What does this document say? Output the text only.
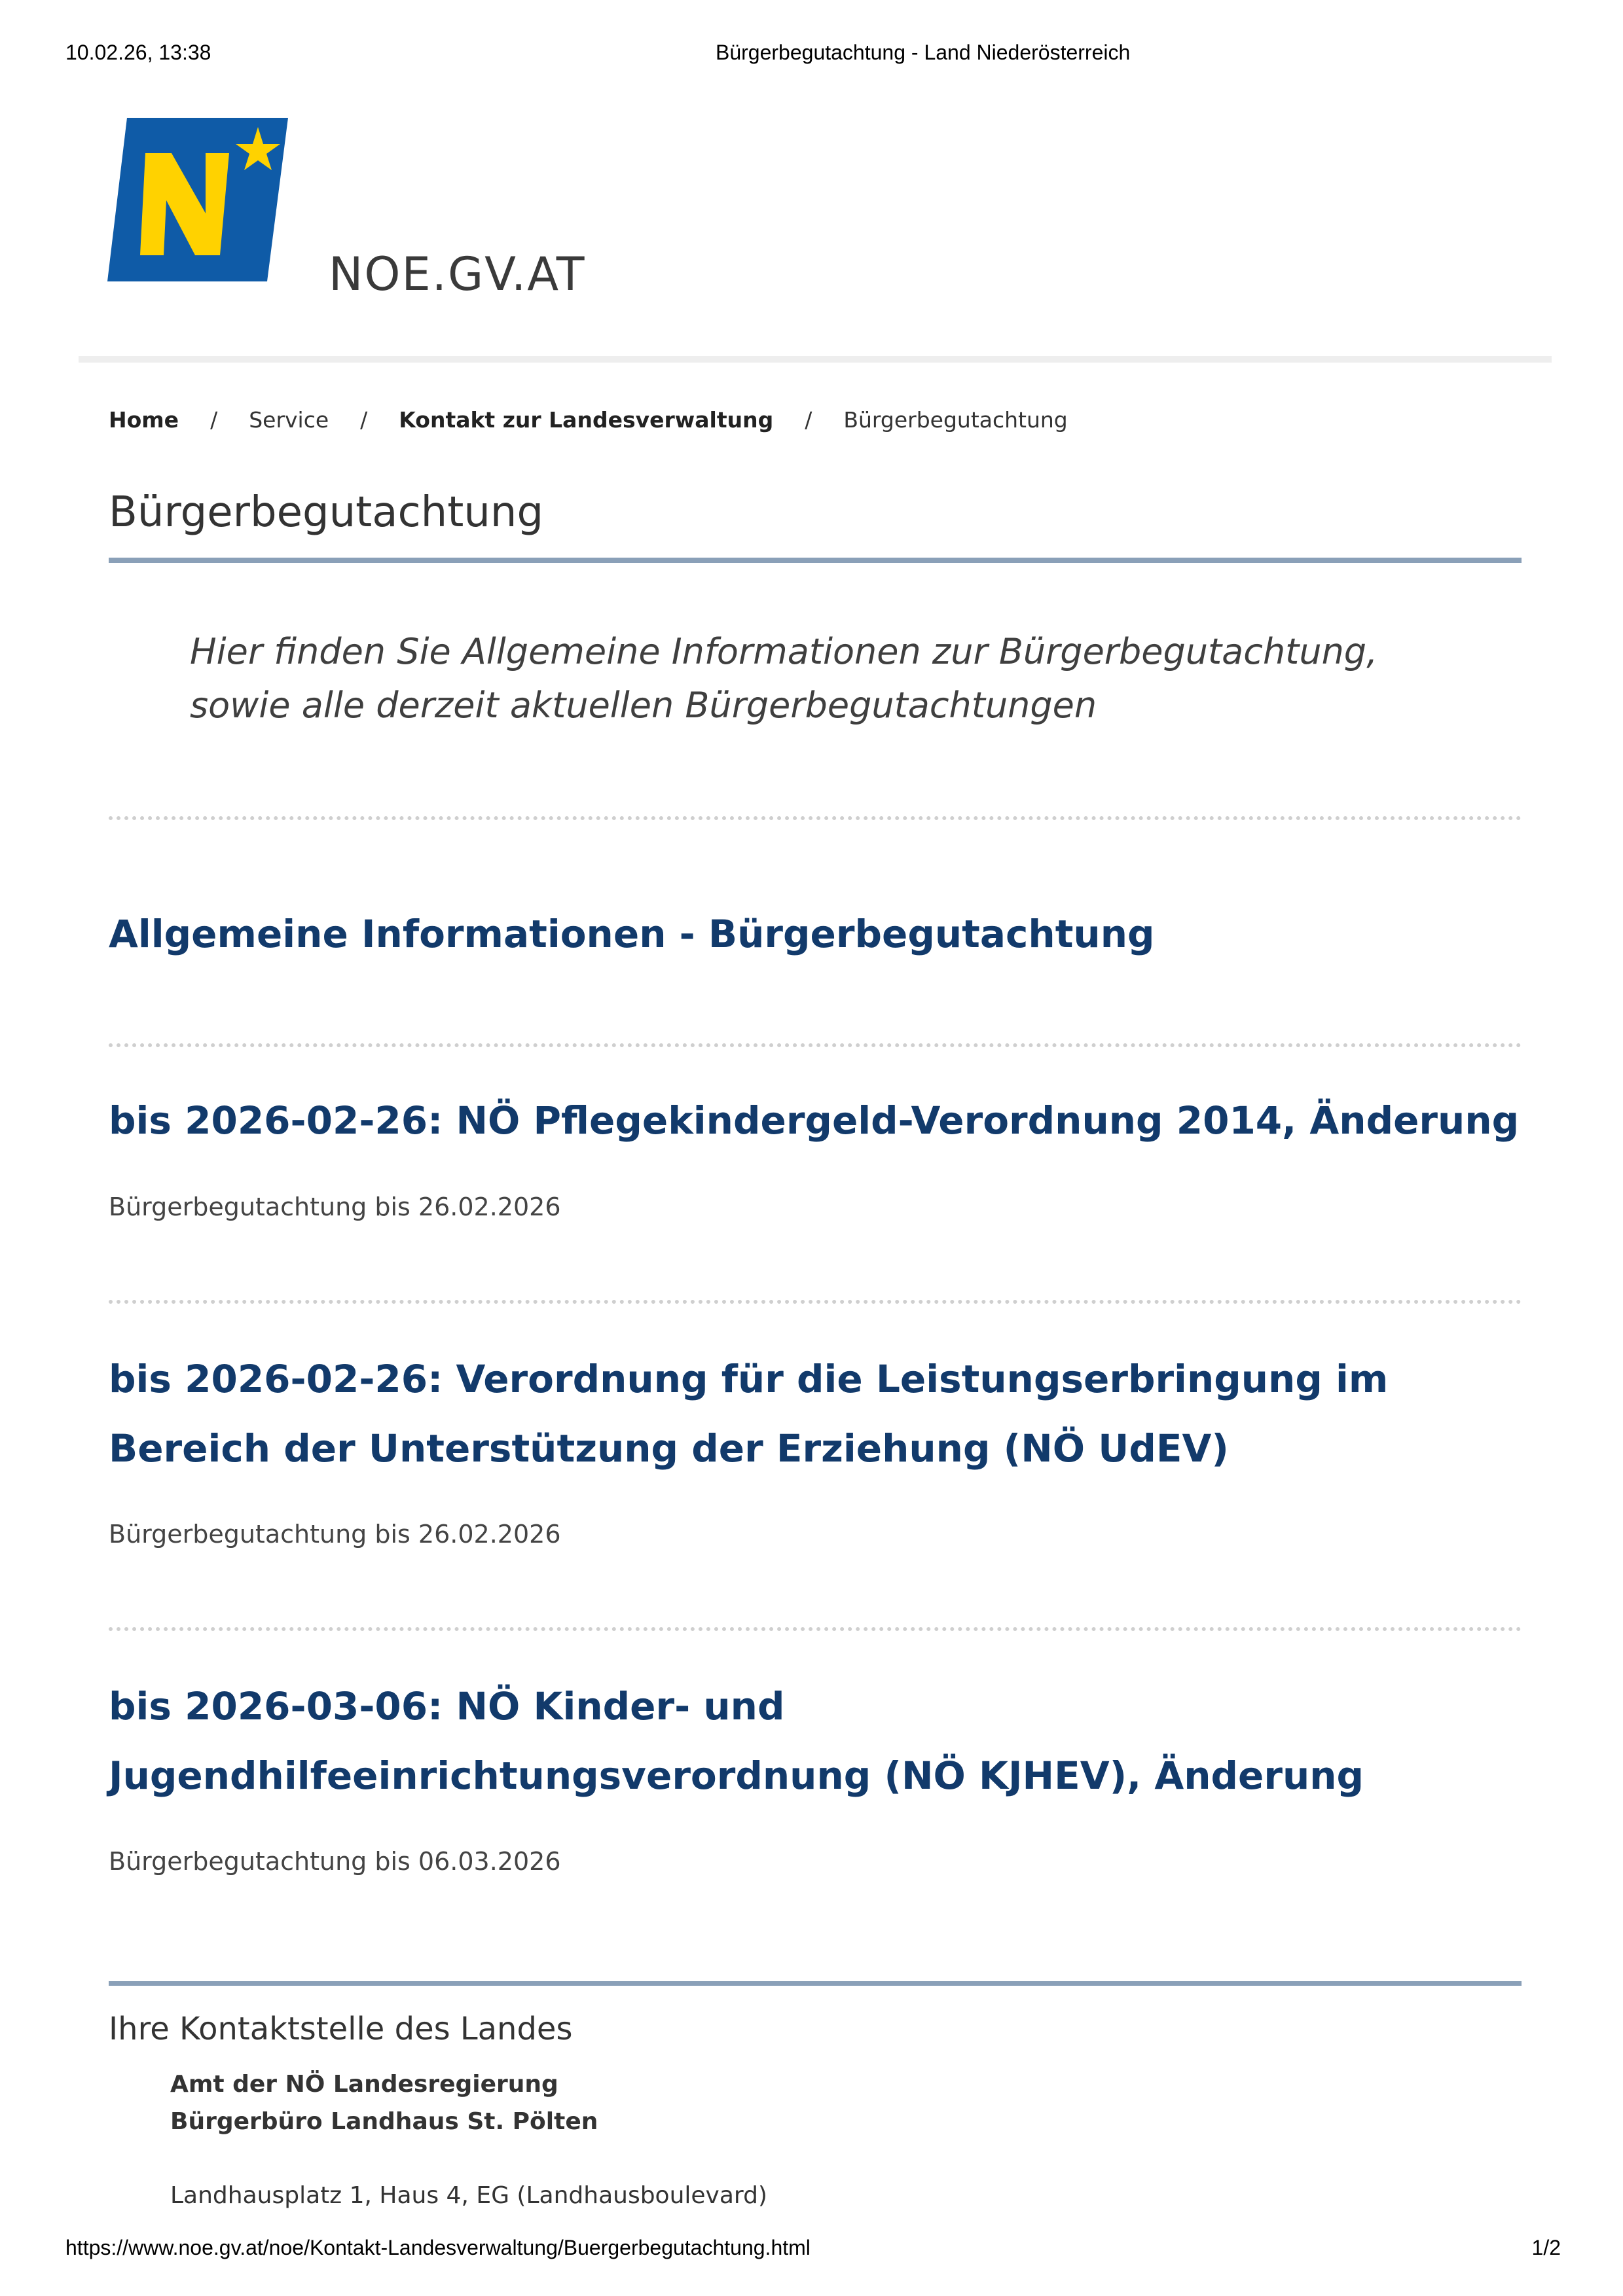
10.02.26, 13:38	Bürgerbegutachtung - Land Niederösterreich
NOE.GV.AT
Home / Service / Kontakt zur Landesverwaltung / Bürgerbegutachtung
Bürgerbegutachtung

Hier finden Sie Allgemeine Informationen zur Bürgerbegutachtung, sowie alle derzeit aktuellen Bürgerbegutachtungen

Allgemeine Informationen - Bürgerbegutachtung
bis 2026-02-26: NÖ Pflegekindergeld-Verordnung 2014, Änderung

Bürgerbegutachtung bis 26.02.2026

bis 2026-02-26: Verordnung für die Leistungserbringung im Bereich der Unterstützung der Erziehung (NÖ UdEV)

Bürgerbegutachtung bis 26.02.2026

bis 2026-03-06: NÖ Kinder- und Jugendhilfeeinrichtungsverordnung (NÖ KJHEV), Änderung

Bürgerbegutachtung bis 06.03.2026

Ihre Kontaktstelle des Landes

Amt der NÖ Landesregierung

Bürgerbüro Landhaus St. Pölten

Landhausplatz 1, Haus 4, EG (Landhausboulevard)

https://www.noe.gv.at/noe/Kontakt-Landesverwaltung/Buergerbegutachtung.html	1/2
